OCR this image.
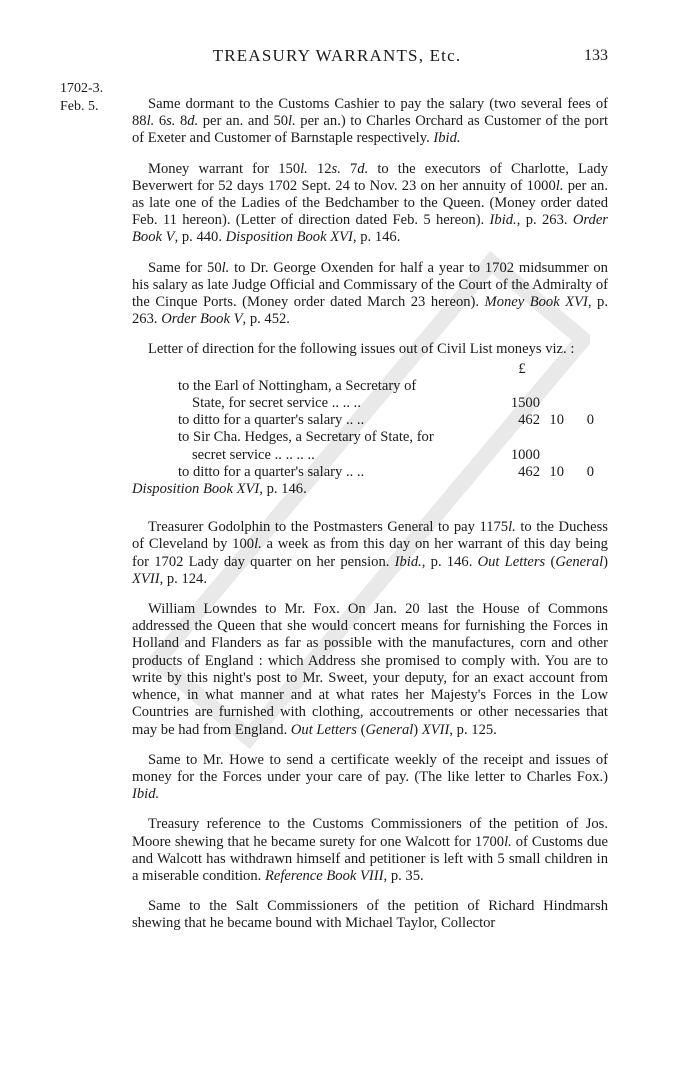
TREASURY WARRANTS, Etc.	133
1702-3.
Feb. 5.	Same dormant to the Customs Cashier to pay the salary (two several fees of 88l. 6s. 8d. per an. and 50l. per an.) to Charles Orchard as Customer of the port of Exeter and Customer of Barnstaple respectively. Ibid.
Money warrant for 150l. 12s. 7d. to the executors of Charlotte, Lady Beverwert for 52 days 1702 Sept. 24 to Nov. 23 on her annuity of 1000l. per an. as late one of the Ladies of the Bedchamber to the Queen. (Money order dated Feb. 11 hereon). (Letter of direction dated Feb. 5 hereon). Ibid., p. 263. Order Book V, p. 440. Disposition Book XVI, p. 146.
Same for 50l. to Dr. George Oxenden for half a year to 1702 midsummer on his salary as late Judge Official and Commissary of the Court of the Admiralty of the Cinque Ports. (Money order dated March 23 hereon). Money Book XVI, p. 263. Order Book V, p. 452.
Letter of direction for the following issues out of Civil List moneys viz. :
£
to the Earl of Nottingham, a Secretary of
State, for secret service .. .. ..	1500
to ditto for a quarter's salary .. ..	462 10	0
to Sir Cha. Hedges, a Secretary of State, for
secret service .. .. .. ..	1000
to ditto for a quarter's salary .. ..	462 10	0
Disposition Book XVI, p. 146.
Treasurer Godolphin to the Postmasters General to pay 1175l. to the Duchess of Cleveland by 100l. a week as from this day on her warrant of this day being for 1702 Lady day quarter on her pension. Ibid., p. 146. Out Letters (General) XVII, p. 124.
William Lowndes to Mr. Fox. On Jan. 20 last the House of Commons addressed the Queen that she would concert means for furnishing the Forces in Holland and Flanders as far as possible with the manufactures, corn and other products of England : which Address she promised to comply with. You are to write by this night's post to Mr. Sweet, your deputy, for an exact account from whence, in what manner and at what rates her Majesty's Forces in the Low Countries are furnished with clothing, accoutrements or other necessaries that may be had from England. Out Letters (General) XVII, p. 125.
Same to Mr. Howe to send a certificate weekly of the receipt and issues of money for the Forces under your care of pay. (The like letter to Charles Fox.) Ibid.
Treasury reference to the Customs Commissioners of the petition of Jos. Moore shewing that he became surety for one Walcott for 1700l. of Customs due and Walcott has withdrawn himself and petitioner is left with 5 small children in a miserable condition. Reference Book VIII, p. 35.
Same to the Salt Commissioners of the petition of Richard Hindmarsh shewing that he became bound with Michael Taylor, Collector
